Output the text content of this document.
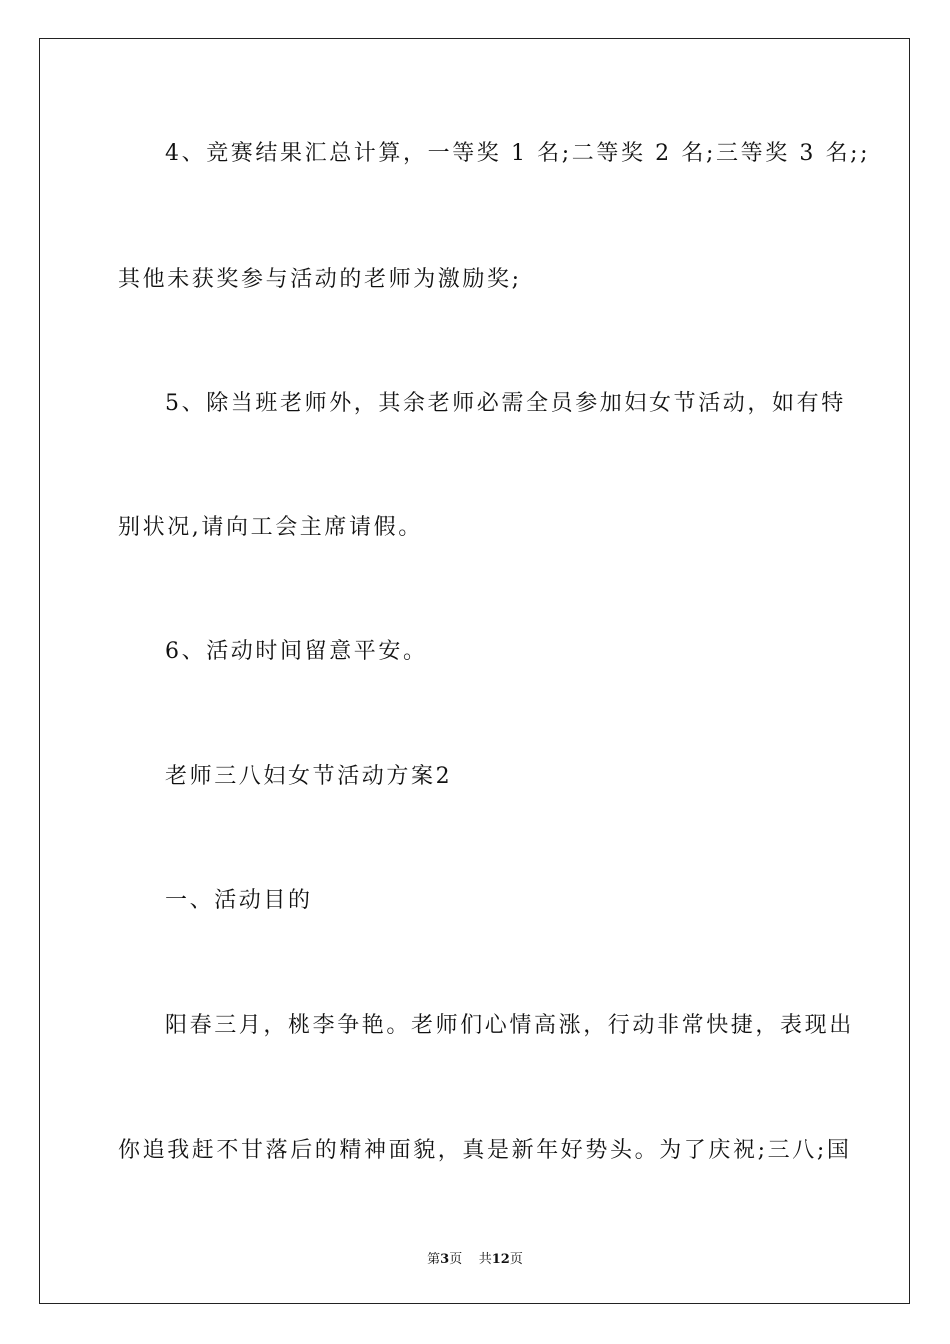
4、竞赛结果汇总计算，一等奖 1 名;二等奖 2 名;三等奖 3 名;;

其他未获奖参与活动的老师为激励奖;

5、除当班老师外，其余老师必需全员参加妇女节活动，如有特

别状况,请向工会主席请假。

6、活动时间留意平安。

老师三八妇女节活动方案2

一、活动目的

阳春三月，桃李争艳。老师们心情高涨，行动非常快捷，表现出

你追我赶不甘落后的精神面貌，真是新年好势头。为了庆祝;三八;国

第3页 共12页
